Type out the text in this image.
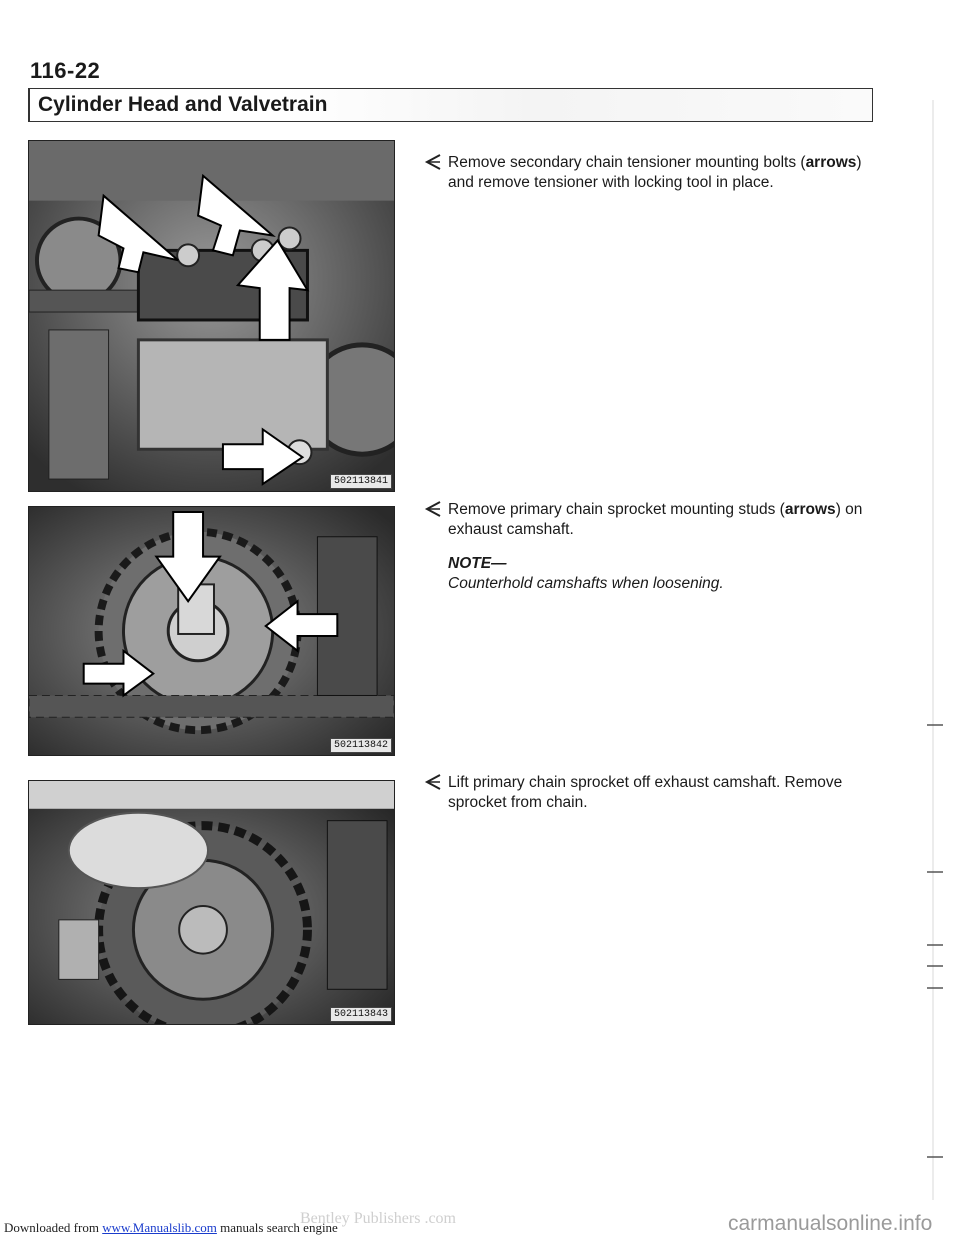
116-22
Cylinder Head and Valvetrain
502113841
502113842
502113843
Remove secondary chain tensioner mounting bolts (arrows) and remove tensioner with locking tool in place.
Remove primary chain sprocket mounting studs (arrows) on exhaust camshaft.
NOTE—
Counterhold camshafts when loosening.
Lift primary chain sprocket off exhaust camshaft. Remove sprocket from chain.
Downloaded from www.Manualslib.com manuals search engine
Bentley Publishers .com	carmanualsonline.info
